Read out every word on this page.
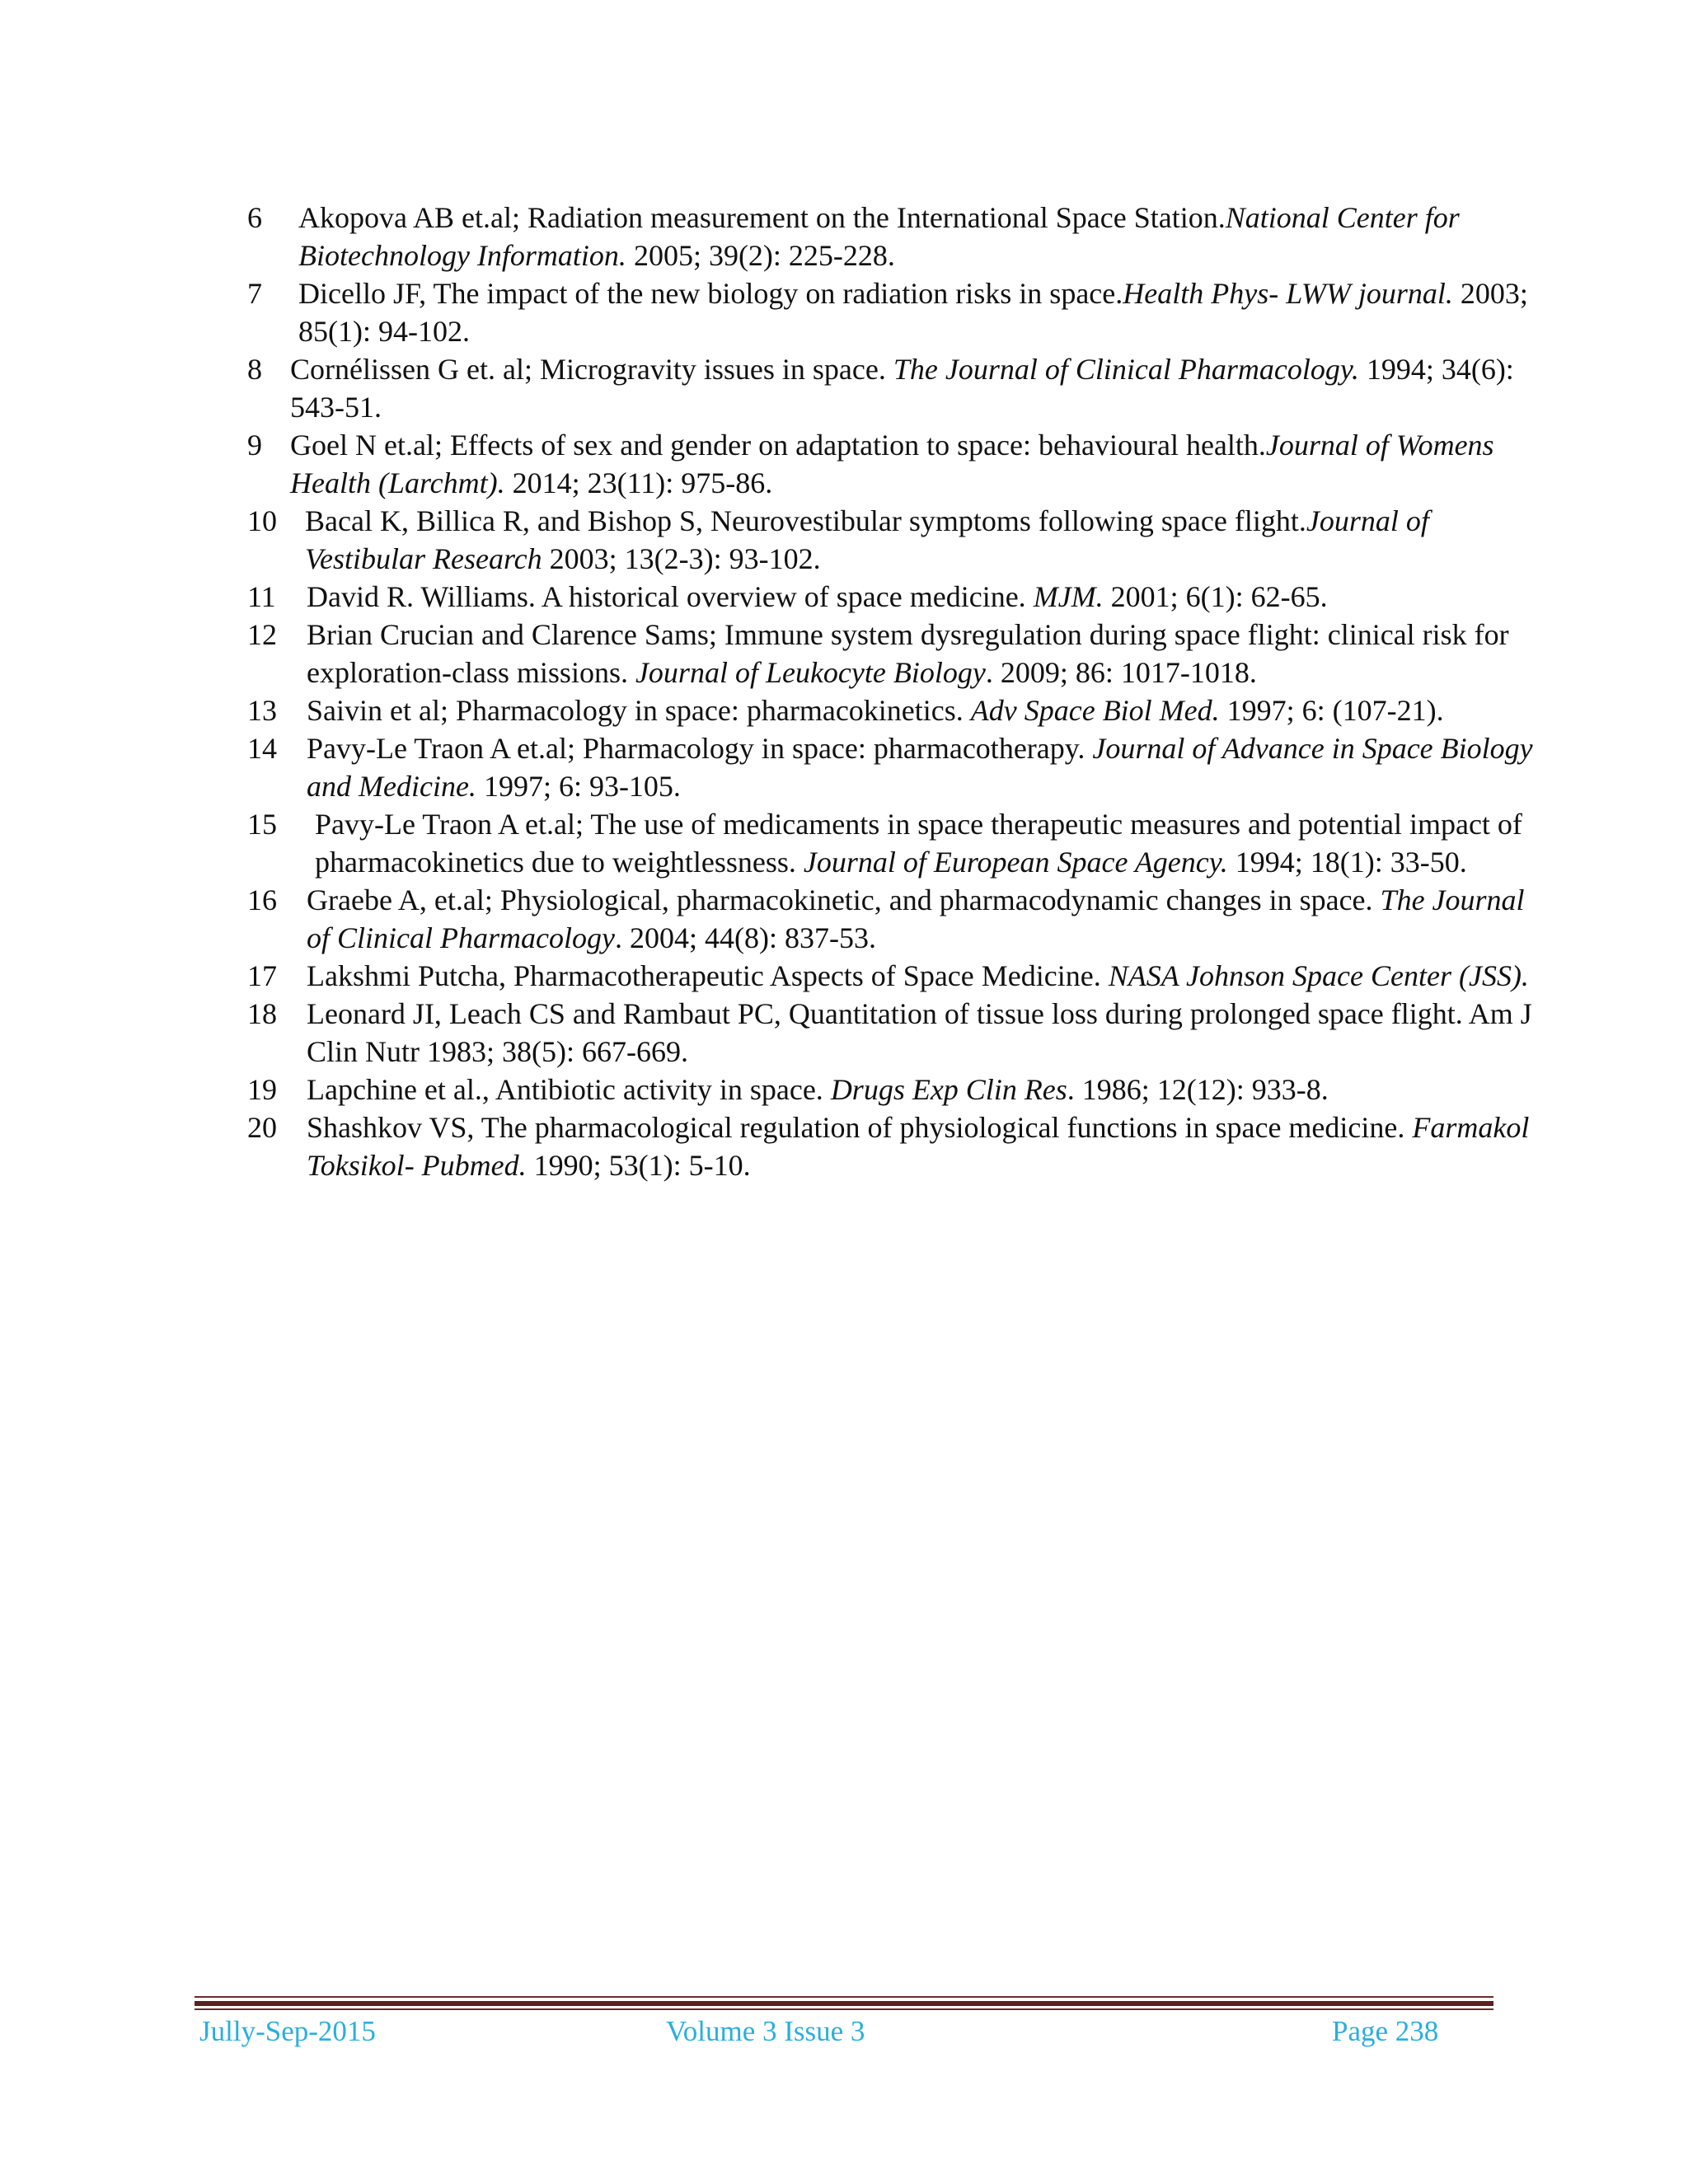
6 Akopova AB et.al; Radiation measurement on the International Space Station.National Center for Biotechnology Information. 2005; 39(2): 225-228.
7 Dicello JF, The impact of the new biology on radiation risks in space.Health Phys- LWW journal. 2003; 85(1): 94-102.
8 Cornélissen G et. al; Microgravity issues in space. The Journal of Clinical Pharmacology. 1994; 34(6): 543-51.
9 Goel N et.al; Effects of sex and gender on adaptation to space: behavioural health.Journal of Womens Health (Larchmt). 2014; 23(11): 975-86.
10 Bacal K, Billica R, and Bishop S, Neurovestibular symptoms following space flight.Journal of Vestibular Research 2003; 13(2-3): 93-102.
11 David R. Williams. A historical overview of space medicine. MJM. 2001; 6(1): 62-65.
12 Brian Crucian and Clarence Sams; Immune system dysregulation during space flight: clinical risk for exploration-class missions. Journal of Leukocyte Biology. 2009; 86: 1017-1018.
13 Saivin et al; Pharmacology in space: pharmacokinetics. Adv Space Biol Med. 1997; 6: (107-21).
14 Pavy-Le Traon A et.al; Pharmacology in space: pharmacotherapy. Journal of Advance in Space Biology and Medicine. 1997; 6: 93-105.
15 Pavy-Le Traon A et.al; The use of medicaments in space therapeutic measures and potential impact of pharmacokinetics due to weightlessness. Journal of European Space Agency. 1994; 18(1): 33-50.
16 Graebe A, et.al; Physiological, pharmacokinetic, and pharmacodynamic changes in space. The Journal of Clinical Pharmacology. 2004; 44(8): 837-53.
17 Lakshmi Putcha, Pharmacotherapeutic Aspects of Space Medicine. NASA Johnson Space Center (JSS).
18 Leonard JI, Leach CS and Rambaut PC, Quantitation of tissue loss during prolonged space flight. Am J Clin Nutr 1983; 38(5): 667-669.
19 Lapchine et al., Antibiotic activity in space. Drugs Exp Clin Res. 1986; 12(12): 933-8.
20 Shashkov VS, The pharmacological regulation of physiological functions in space medicine. Farmakol Toksikol- Pubmed. 1990; 53(1): 5-10.
Jully-Sep-2015	Volume 3 Issue 3	Page 238
